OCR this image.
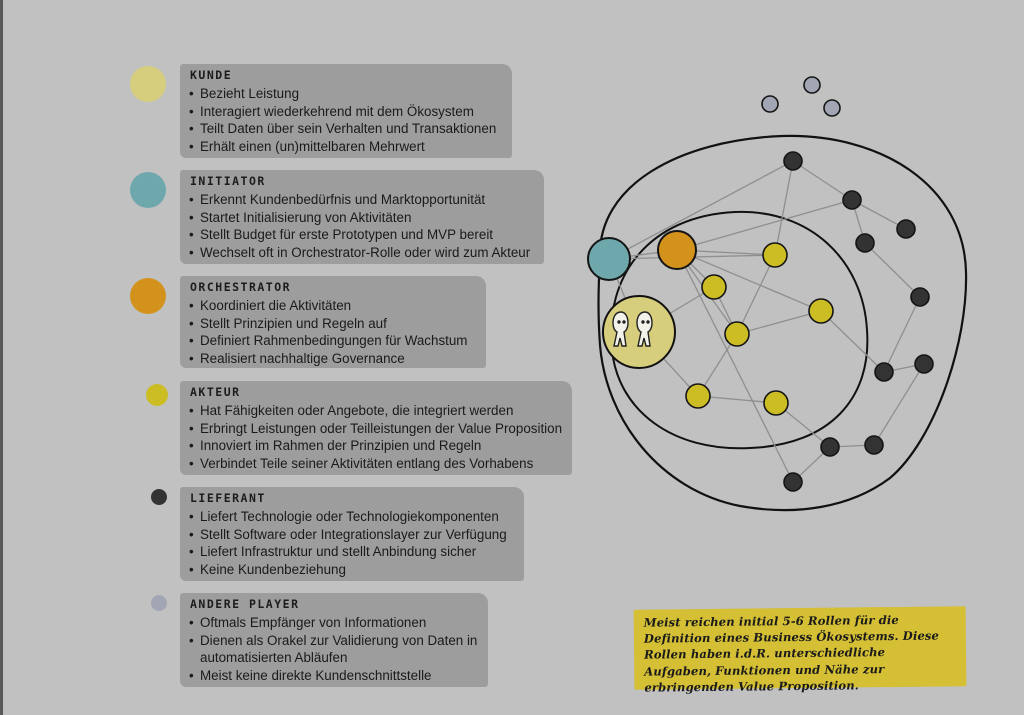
KUNDE
• Bezieht Leistung
• Interagiert wiederkehrend mit dem Ökosystem
• Teilt Daten über sein Verhalten und Transaktionen
• Erhält einen (un)mittelbaren Mehrwert
INITIATOR
• Erkennt Kundenbedürfnis und Marktopportunität
• Startet Initialisierung von Aktivitäten
• Stellt Budget für erste Prototypen und MVP bereit
• Wechselt oft in Orchestrator-Rolle oder wird zum Akteur
ORCHESTRATOR
• Koordiniert die Aktivitäten
• Stellt Prinzipien und Regeln auf
• Definiert Rahmenbedingungen für Wachstum
• Realisiert nachhaltige Governance
AKTEUR
• Hat Fähigkeiten oder Angebote, die integriert werden
• Erbringt Leistungen oder Teilleistungen der Value Proposition
• Innoviert im Rahmen der Prinzipien und Regeln
• Verbindet Teile seiner Aktivitäten entlang des Vorhabens
LIEFERANT
• Liefert Technologie oder Technologiekomponenten
• Stellt Software oder Integrationslayer zur Verfügung
• Liefert Infrastruktur und stellt Anbindung sicher
• Keine Kundenbeziehung
ANDERE PLAYER
• Oftmals Empfänger von Informationen
• Dienen als Orakel zur Validierung von Daten in automatisierten Abläufen
• Meist keine direkte Kundenschnittstelle

Meist reichen initial 5-6 Rollen für die Definition eines Business Ökosystems. Diese Rollen haben i.d.R. unterschiedliche Aufgaben, Funktionen und Nähe zur erbringenden Value Proposition.
